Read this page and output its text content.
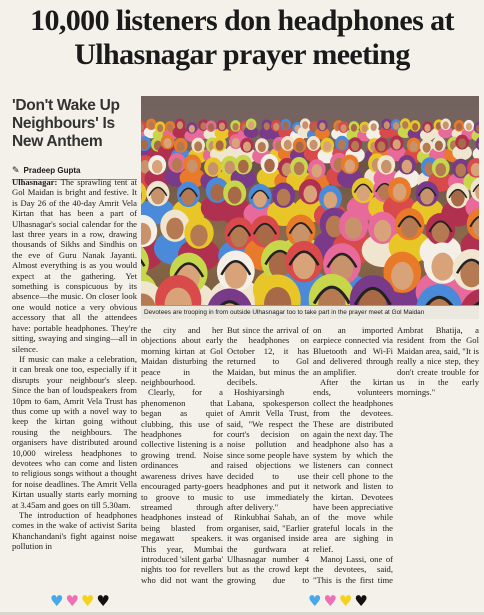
10,000 listeners don headphones at Ulhasnagar prayer meeting
'Don't Wake Up Neighbours' Is New Anthem
✎ Pradeep Gupta
Devotees are trooping in from outside Ulhasnagar too to take part in the prayer meet at Gol Maidan

Ulhasnagar: The sprawling tent at Gol Maidan is bright and festive. It is Day 26 of the 40-day Amrit Vela Kirtan that has been a part of Ulhasnagar's social calendar for the last three years in a row, drawing thousands of Sikhs and Sindhis on the eve of Guru Nanak Jayanti. Almost everything is as you would expect at the gathering. Yet something is conspicuous by its absence—the music. On closer look one would notice a very obvious accessory that all the attendees have: portable headphones. They're sitting, swaying and singing—all in silence.

If music can make a celebration, it can break one too, especially if it disrupts your neighbour's sleep. Since the ban of loudspeakers from 10pm to 6am, Amrit Vela Trust has thus come up with a novel way to keep the kirtan going without rousing the neighbours. The organisers have distributed around 10,000 wireless headphones to devotees who can come and listen to religious songs without a thought for noise deadlines. The Amrit Vella Kirtan usually starts early morning at 3.45am and goes on till 5.30am.

The introduction of headphones comes in the wake of activist Sarita Khanchandani's fight against noise pollution in

the city and her objections about early morning kirtan at Gol Maidan disturbing the peace in the neighbourhood.

Clearly, for a phenomenon that began as quiet clubbing, this use of headphones for collective listening is a growing trend. Noise ordinances and awareness drives have encouraged party-goers to groove to music streamed through headphones instead of being blasted from megawatt speakers. This year, Mumbai introduced 'silent garba' nights too for revellers who did not want the

But since the arrival of the headphones on October 12, it has returned to Gol Maidan, but minus the decibels.

Hoshiyarsingh Labana, spokesperson of Amrit Vella Trust, said, "We respect the court's decision on noise pollution and since some people have raised objections we decided to use headphones and put it to use immediately after delivery."

Rinkubhai Sahab, an organiser, said, "Earlier it was organised inside the gurdwara at Ulhasnagar number 4 but as the crowd kept growing due to

on an imported earpiece connected via Bluetooth and Wi-Fi and delivered through an amplifier.

After the kirtan ends, volunteers collect the headphones from the devotees. These are distributed again the next day. The headphone also has a system by which the listeners can connect their cell phone to the network and listen to the kirtan. Devotees have been appreciative of the move while grateful locals in the area are sighing in relief.

Manoj Lassi, one of the devotees, said, "This is the first time

Ambrat Bhatija, a resident from the Gol Maidan area, said, "It is really a nice step, they don't create trouble for us in the early mornings."

♥ ♥ ♥ ♥	♥ ♥ ♥ ♥
